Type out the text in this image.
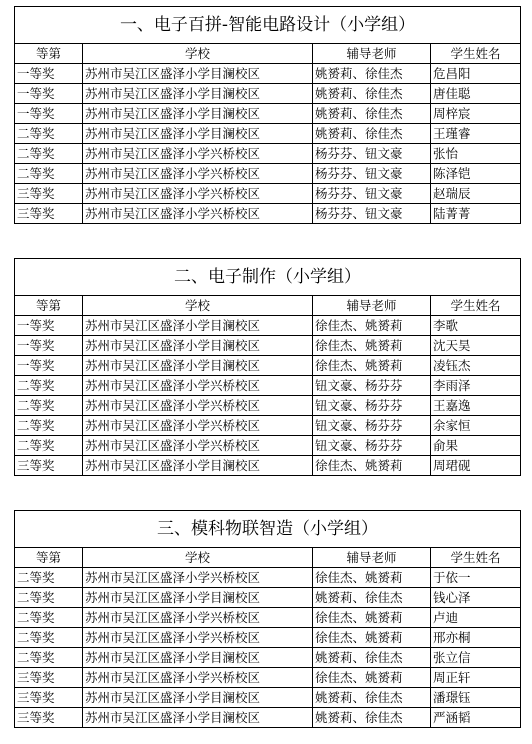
一、电子百拼-智能电路设计（小学组）			
等第	学校	辅导老师	学生姓名
一等奖	苏州市吴江区盛泽小学目澜校区	姚赟莉、徐佳杰	危昌阳
一等奖	苏州市吴江区盛泽小学目澜校区	姚赟莉、徐佳杰	唐佳聪
一等奖	苏州市吴江区盛泽小学目澜校区	姚赟莉、徐佳杰	周梓宸
二等奖	苏州市吴江区盛泽小学目澜校区	姚赟莉、徐佳杰	王瑾睿
二等奖	苏州市吴江区盛泽小学兴桥校区	杨芬芬、钮文豪	张怡
二等奖	苏州市吴江区盛泽小学兴桥校区	杨芬芬、钮文豪	陈泽铠
三等奖	苏州市吴江区盛泽小学兴桥校区	杨芬芬、钮文豪	赵瑞辰
三等奖	苏州市吴江区盛泽小学兴桥校区	杨芬芬、钮文豪	陆菁菁
二、电子制作（小学组）			
等第	学校	辅导老师	学生姓名
一等奖	苏州市吴江区盛泽小学目澜校区	徐佳杰、姚赟莉	李歌
一等奖	苏州市吴江区盛泽小学目澜校区	徐佳杰、姚赟莉	沈天昊
一等奖	苏州市吴江区盛泽小学目澜校区	徐佳杰、姚赟莉	凌钰杰
二等奖	苏州市吴江区盛泽小学兴桥校区	钮文豪、杨芬芬	李雨泽
二等奖	苏州市吴江区盛泽小学兴桥校区	钮文豪、杨芬芬	王嘉逸
二等奖	苏州市吴江区盛泽小学兴桥校区	钮文豪、杨芬芬	余家恒
二等奖	苏州市吴江区盛泽小学兴桥校区	钮文豪、杨芬芬	俞果
三等奖	苏州市吴江区盛泽小学目澜校区	徐佳杰、姚赟莉	周珺砚
三、模科物联智造（小学组）			
等第	学校	辅导老师	学生姓名
二等奖	苏州市吴江区盛泽小学兴桥校区	徐佳杰、姚赟莉	于依一
二等奖	苏州市吴江区盛泽小学目澜校区	姚赟莉、徐佳杰	钱心泽
二等奖	苏州市吴江区盛泽小学兴桥校区	徐佳杰、姚赟莉	卢迪
二等奖	苏州市吴江区盛泽小学兴桥校区	徐佳杰、姚赟莉	邢亦桐
二等奖	苏州市吴江区盛泽小学目澜校区	姚赟莉、徐佳杰	张立信
三等奖	苏州市吴江区盛泽小学兴桥校区	徐佳杰、姚赟莉	周正轩
三等奖	苏州市吴江区盛泽小学目澜校区	姚赟莉、徐佳杰	潘璟钰
三等奖	苏州市吴江区盛泽小学目澜校区	姚赟莉、徐佳杰	严涵韬
